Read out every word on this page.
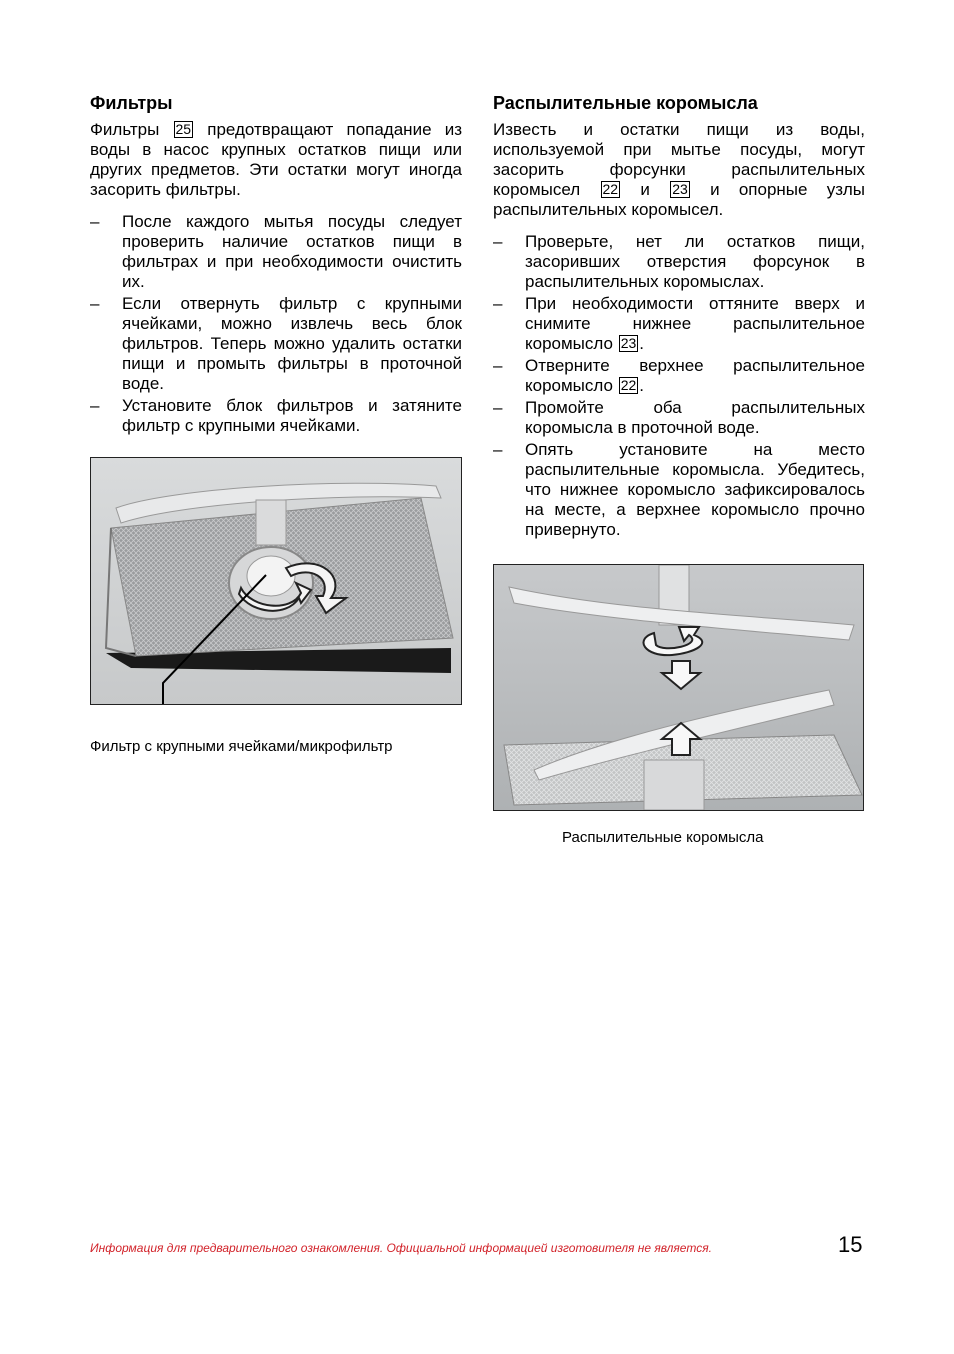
Фильтры

Фильтры 25 предотвращают попадание из воды в насос крупных остатков пищи или других предметов. Эти остатки могут иногда засорить фильтры.

– После каждого мытья посуды следует проверить наличие остатков пищи в фильтрах и при необходимости очистить их.
– Если отвернуть фильтр с крупными ячейками, можно извлечь весь блок фильтров. Теперь можно удалить остатки пищи и промыть фильтры в проточной воде.
– Установите блок фильтров и затяните фильтр с крупными ячейками.
Фильтр с крупными ячейками/микрофильтр
Распылительные коромысла

Известь и остатки пищи из воды, используемой при мытье посуды, могут засорить форсунки распылительных коромысел 22 и 23 и опорные узлы распылительных коромысел.

– Проверьте, нет ли остатков пищи, засоривших отверстия форсунок в распылительных коромыслах.
– При необходимости оттяните вверх и снимите нижнее распылительное коромысло 23 .
– Отверните верхнее распылительное коромысло 22 .
– Промойте оба распылительных коромысла в проточной воде.
– Опять установите на место распылительные коромысла. Убедитесь, что нижнее коромысло зафиксировалось на месте, а верхнее коромысло прочно привернуто.
Распылительные коромысла
Информация для предварительного ознакомления. Официальной информацией изготовителя не является.	15
